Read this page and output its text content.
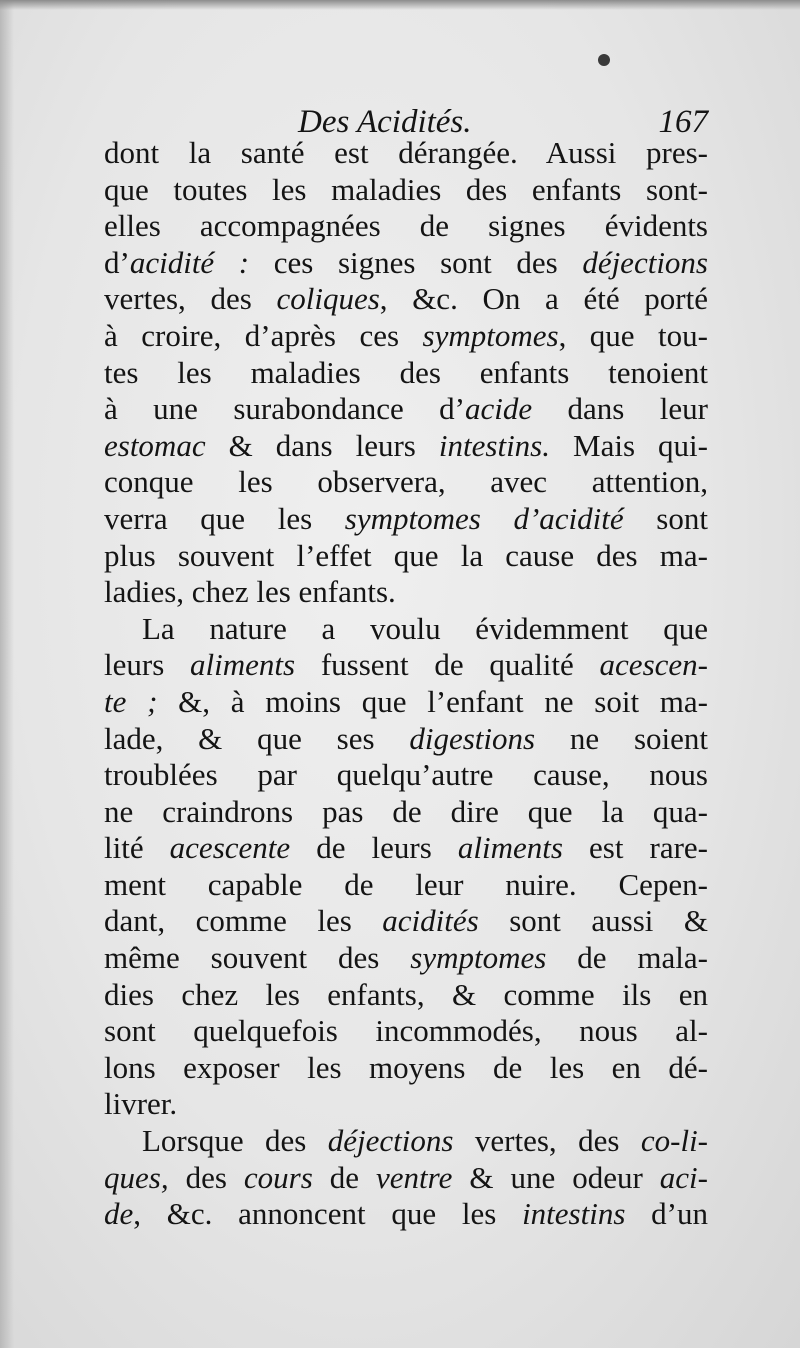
Des Acidités.	167
dont la santé est dérangée. Aussi pres-
que toutes les maladies des enfants sont-
elles accompagnées de signes évidents
d’acidité : ces signes sont des déjections
vertes, des coliques, &c. On a été porté
à croire, d’après ces symptomes, que tou-
tes les maladies des enfants tenoient
à une surabondance d’acide dans leur
estomac & dans leurs intestins. Mais qui-
conque les observera, avec attention,
verra que les symptomes d’acidité sont
plus souvent l’effet que la cause des ma-
ladies, chez les enfants.
La nature a voulu évidemment que
leurs aliments fussent de qualité acescen-
te ; &, à moins que l’enfant ne soit ma-
lade, & que ses digestions ne soient
troublées par quelqu’autre cause, nous
ne craindrons pas de dire que la qua-
lité acescente de leurs aliments est rare-
ment capable de leur nuire. Cepen-
dant, comme les acidités sont aussi &
même souvent des symptomes de mala-
dies chez les enfants, & comme ils en
sont quelquefois incommodés, nous al-
lons exposer les moyens de les en dé-
livrer.
Lorsque des déjections vertes, des co-li-
ques, des cours de ventre & une odeur aci-
de, &c. annoncent que les intestins d’un
